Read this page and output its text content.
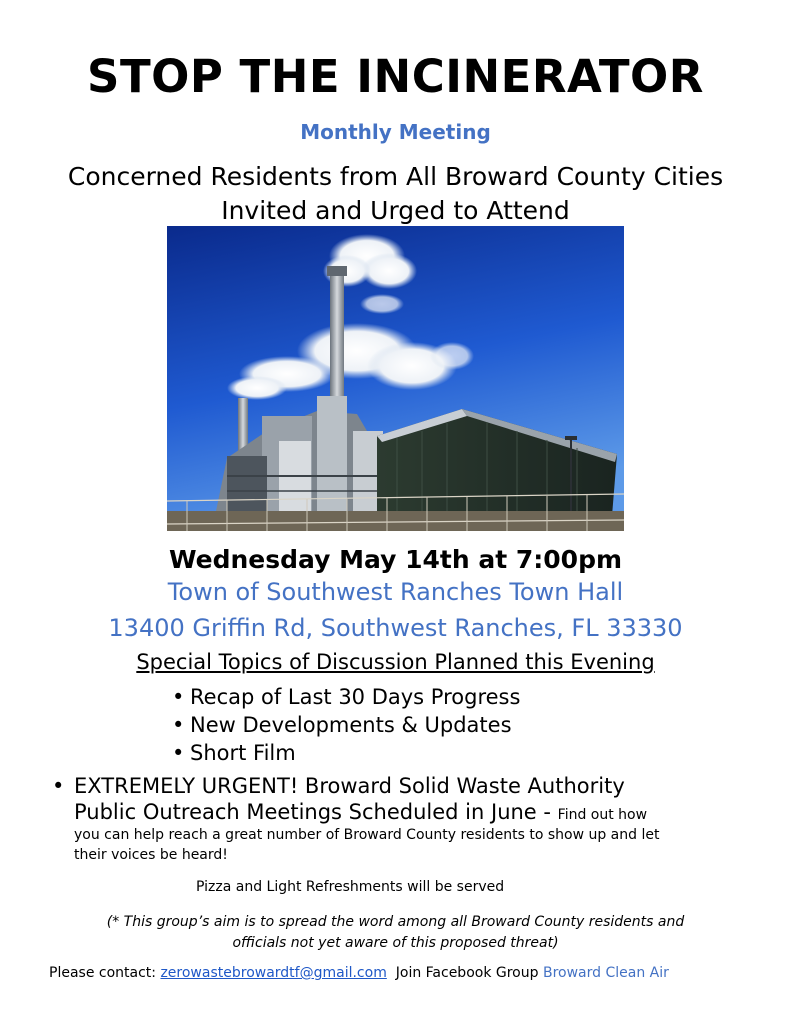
STOP THE INCINERATOR
Monthly Meeting
Concerned Residents from All Broward County Cities
Invited and Urged to Attend
Wednesday May 14th at 7:00pm
Town of Southwest Ranches Town Hall
13400 Griffin Rd, Southwest Ranches, FL 33330
Special Topics of Discussion Planned this Evening
• Recap of Last 30 Days Progress
• New Developments & Updates
• Short Film
• EXTREMELY URGENT! Broward Solid Waste Authority
Public Outreach Meetings Scheduled in June - Find out how
you can help reach a great number of Broward County residents to show up and let
their voices be heard!
Pizza and Light Refreshments will be served
(* This group’s aim is to spread the word among all Broward County residents and
officials not yet aware of this proposed threat)
Please contact: zerowastebrowardtf@gmail.com  Join Facebook Group Broward Clean Air
